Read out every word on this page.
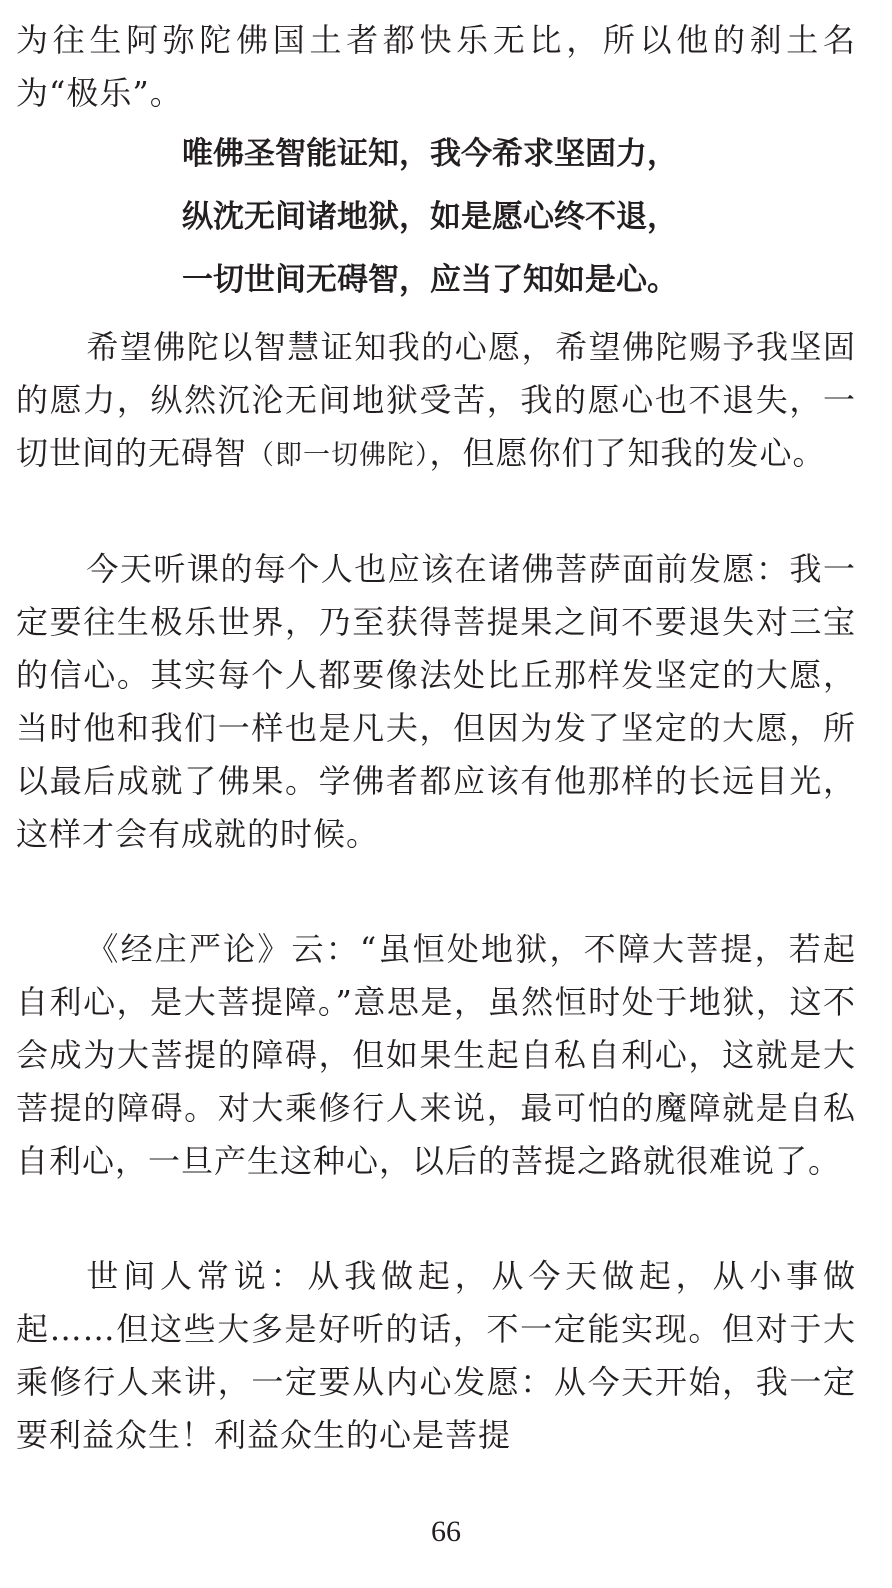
为往生阿弥陀佛国土者都快乐无比，所以他的刹土名为“极乐”。

唯佛圣智能证知，我今希求坚固力，

纵沈无间诸地狱，如是愿心终不退，

一切世间无碍智，应当了知如是心。

希望佛陀以智慧证知我的心愿，希望佛陀赐予我坚固的愿力，纵然沉沦无间地狱受苦，我的愿心也不退失，一切世间的无碍智（即一切佛陀），但愿你们了知我的发心。

今天听课的每个人也应该在诸佛菩萨面前发愿：我一定要往生极乐世界，乃至获得菩提果之间不要退失对三宝的信心。其实每个人都要像法处比丘那样发坚定的大愿，当时他和我们一样也是凡夫，但因为发了坚定的大愿，所以最后成就了佛果。学佛者都应该有他那样的长远目光，这样才会有成就的时候。

《经庄严论》云：“虽恒处地狱，不障大菩提，若起自利心，是大菩提障。”意思是，虽然恒时处于地狱，这不会成为大菩提的障碍，但如果生起自私自利心，这就是大菩提的障碍。对大乘修行人来说，最可怕的魔障就是自私自利心，一旦产生这种心，以后的菩提之路就很难说了。

世间人常说：从我做起，从今天做起，从小事做起……但这些大多是好听的话，不一定能实现。但对于大乘修行人来讲，一定要从内心发愿：从今天开始，我一定要利益众生！利益众生的心是菩提

66
